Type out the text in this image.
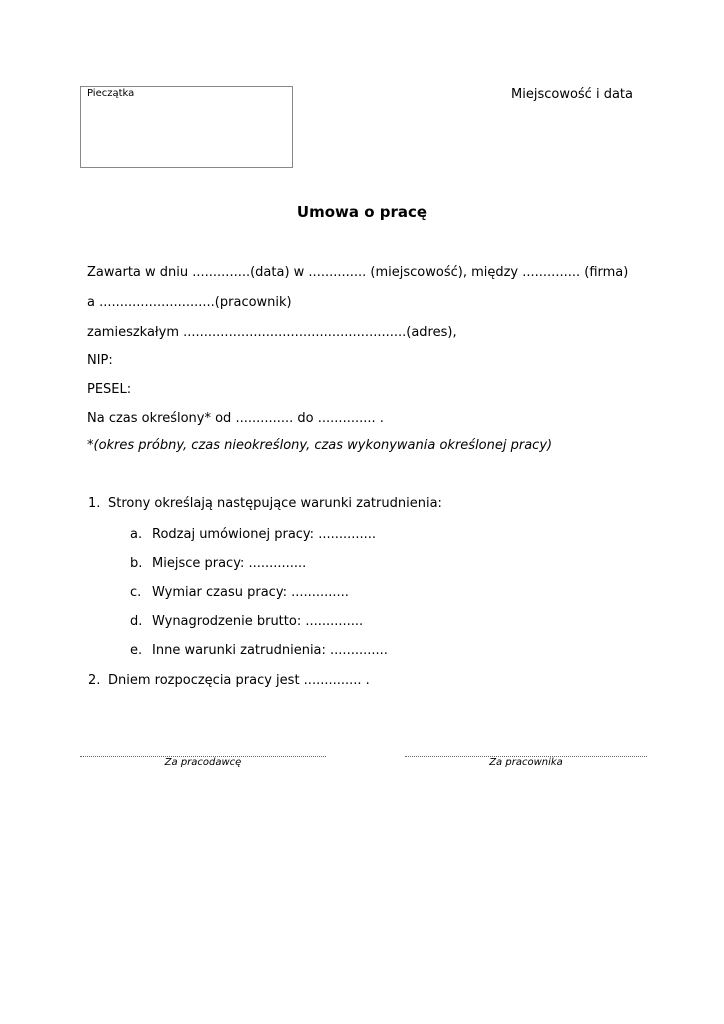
Pieczątka	Miejscowość i data
Umowa o pracę
Zawarta w dniu ..............(data) w .............. (miejscowość), między .............. (firma)
a ............................(pracownik)
zamieszkałym ......................................................(adres),
NIP:
PESEL:
Na czas określony* od .............. do .............. .
*(okres próbny, czas nieokreślony, czas wykonywania określonej pracy)
1. Strony określają następujące warunki zatrudnienia:
a. Rodzaj umówionej pracy: ..............
b. Miejsce pracy: ..............
c. Wymiar czasu pracy: ..............
d. Wynagrodzenie brutto: ..............
e. Inne warunki zatrudnienia: ..............
2. Dniem rozpoczęcia pracy jest .............. .
Za pracodawcę	Za pracownika
